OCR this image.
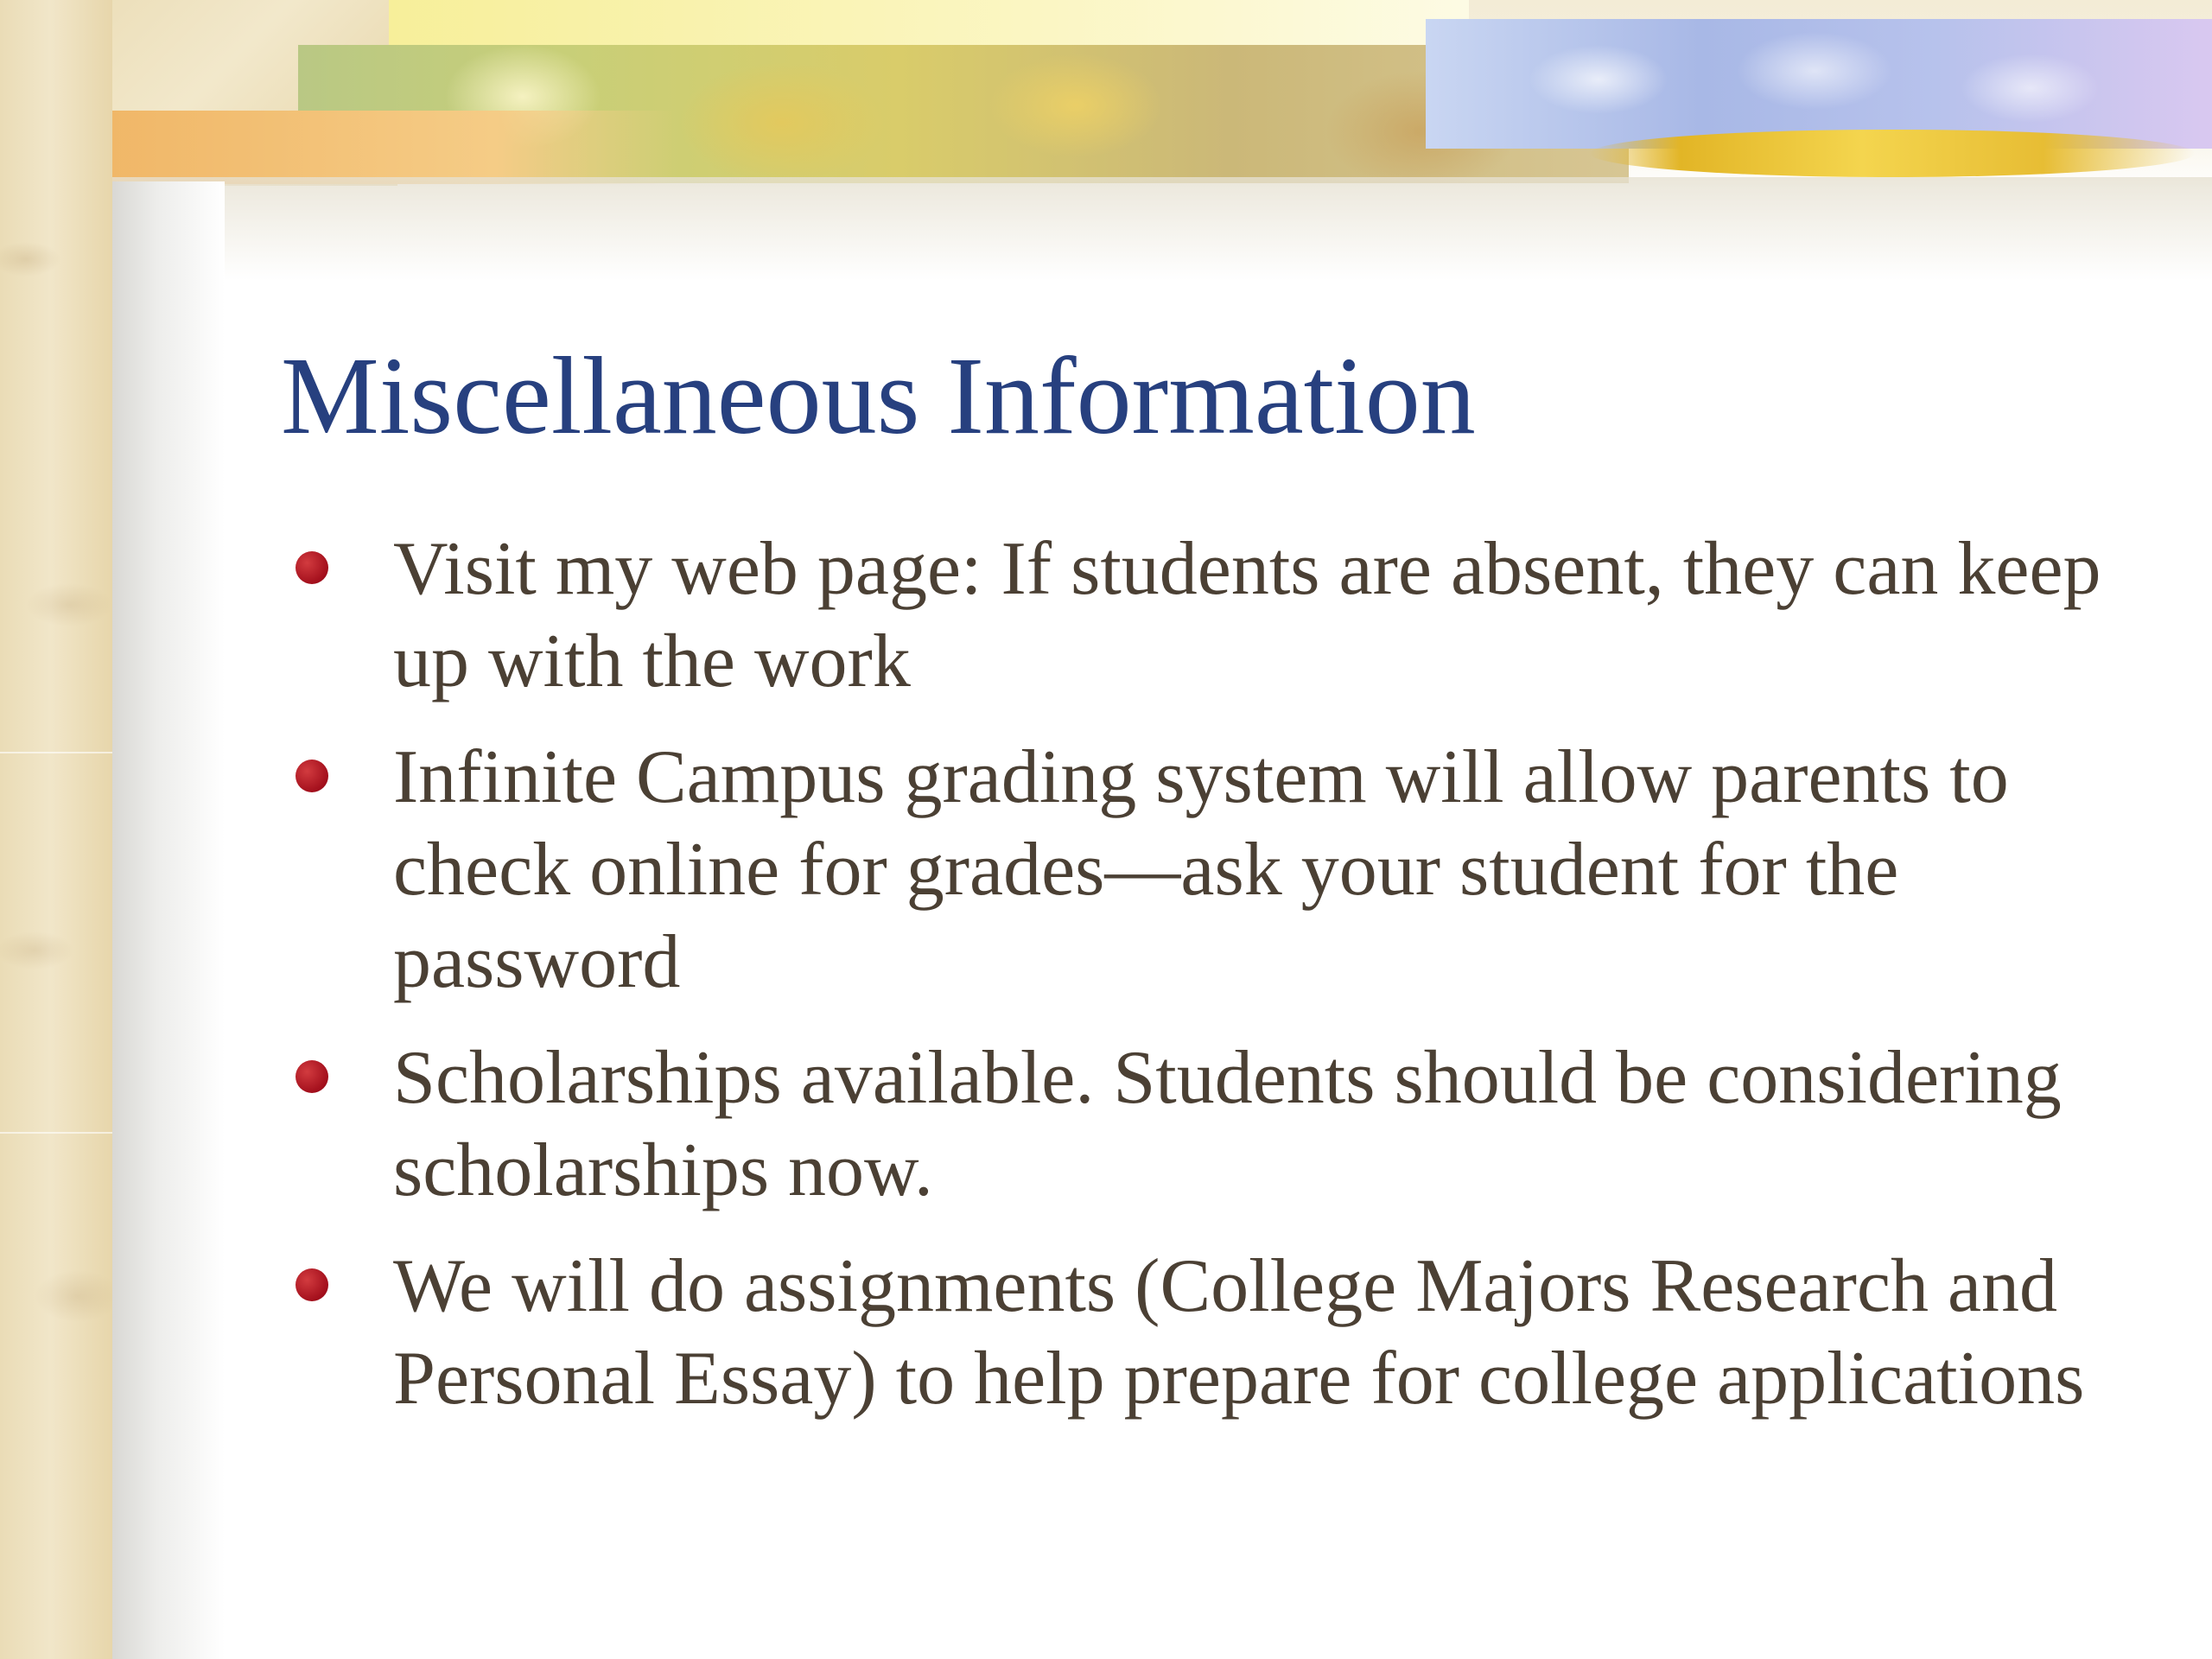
Miscellaneous Information
Visit my web page: If students are absent, they can keep up with the work
Infinite Campus grading system will allow parents to check online for grades—ask your student for the password
Scholarships available. Students should be considering scholarships now.
We will do assignments (College Majors Research and Personal Essay) to help prepare for college applications
